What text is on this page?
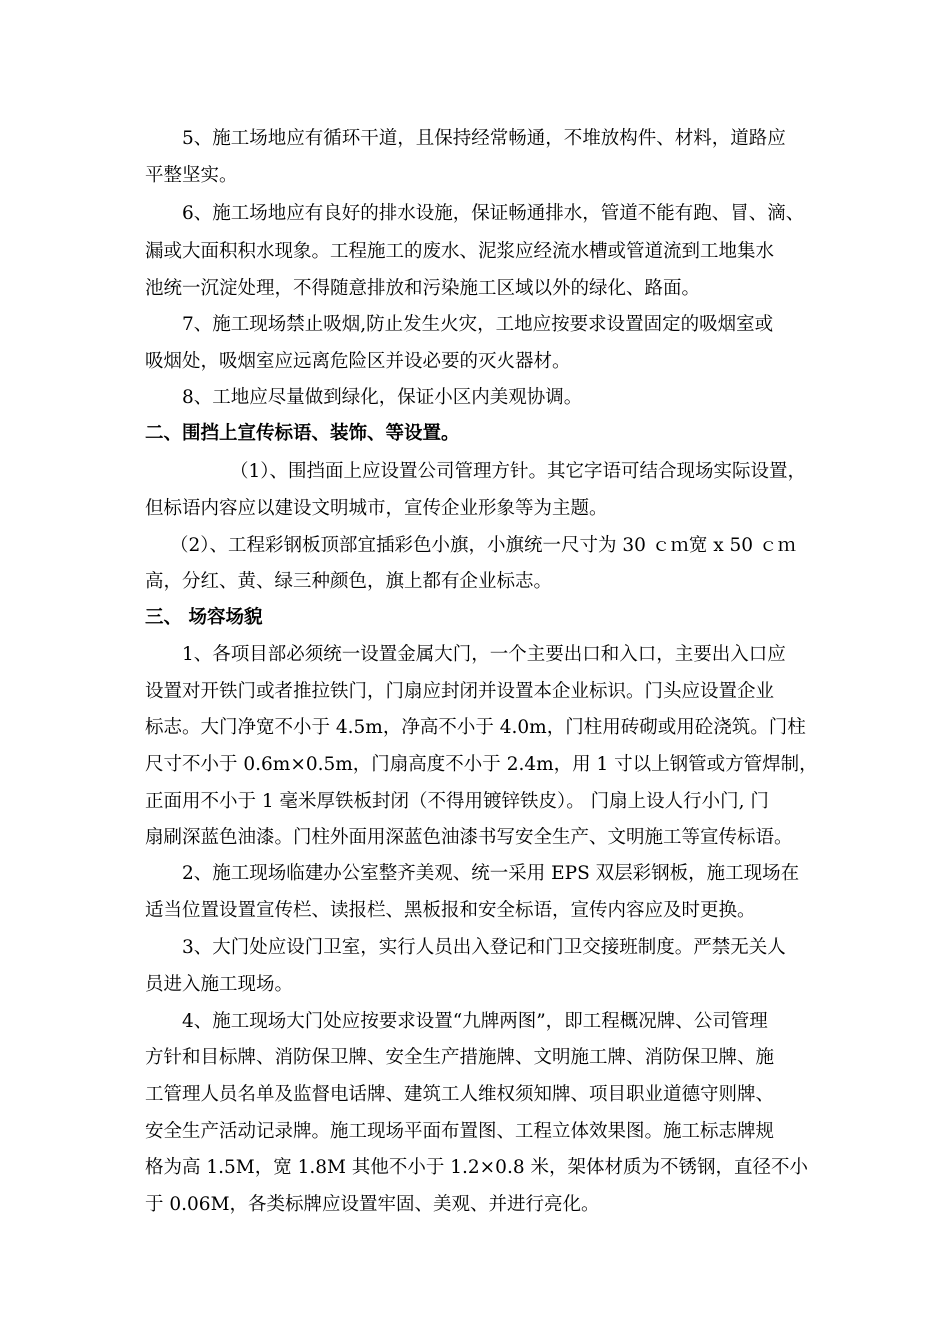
5、施工场地应有循环干道，且保持经常畅通，不堆放构件、材料，道路应
平整坚实。
6、施工场地应有良好的排水设施，保证畅通排水，管道不能有跑、冒、滴、
漏或大面积积水现象。工程施工的废水、泥浆应经流水槽或管道流到工地集水
池统一沉淀处理，不得随意排放和污染施工区域以外的绿化、路面。
7、施工现场禁止吸烟,防止发生火灾，工地应按要求设置固定的吸烟室或
吸烟处，吸烟室应远离危险区并设必要的灭火器材。
8、工地应尽量做到绿化，保证小区内美观协调。
二、围挡上宣传标语、装饰、等设置。
（1）、围挡面上应设置公司管理方针。其它字语可结合现场实际设置，
但标语内容应以建设文明城市，宣传企业形象等为主题。
（2）、工程彩钢板顶部宜插彩色小旗，小旗统一尺寸为 30 ｃｍ宽 x 50 ｃｍ
高，分红、黄、绿三种颜色，旗上都有企业标志。
三、 场容场貌
1、各项目部必须统一设置金属大门，一个主要出口和入口，主要出入口应
设置对开铁门或者推拉铁门，门扇应封闭并设置本企业标识。门头应设置企业
标志。大门净宽不小于 4.5m，净高不小于 4.0m，门柱用砖砌或用砼浇筑。门柱
尺寸不小于 0.6m×0.5m，门扇高度不小于 2.4m，用 1 寸以上钢管或方管焊制，
正面用不小于 1 毫米厚铁板封闭（不得用镀锌铁皮）。 门扇上设人行小门, 门
扇刷深蓝色油漆。门柱外面用深蓝色油漆书写安全生产、文明施工等宣传标语。
2、施工现场临建办公室整齐美观、统一采用 EPS 双层彩钢板，施工现场在
适当位置设置宣传栏、读报栏、黑板报和安全标语，宣传内容应及时更换。
3、大门处应设门卫室，实行人员出入登记和门卫交接班制度。严禁无关人
员进入施工现场。
4、施工现场大门处应按要求设置“九牌两图”，即工程概况牌、公司管理
方针和目标牌、消防保卫牌、安全生产措施牌、文明施工牌、消防保卫牌、施
工管理人员名单及监督电话牌、建筑工人维权须知牌、项目职业道德守则牌、
安全生产活动记录牌。施工现场平面布置图、工程立体效果图。施工标志牌规
格为高 1.5M，宽 1.8M 其他不小于 1.2×0.8 米，架体材质为不锈钢，直径不小
于 0.06M，各类标牌应设置牢固、美观、并进行亮化。
